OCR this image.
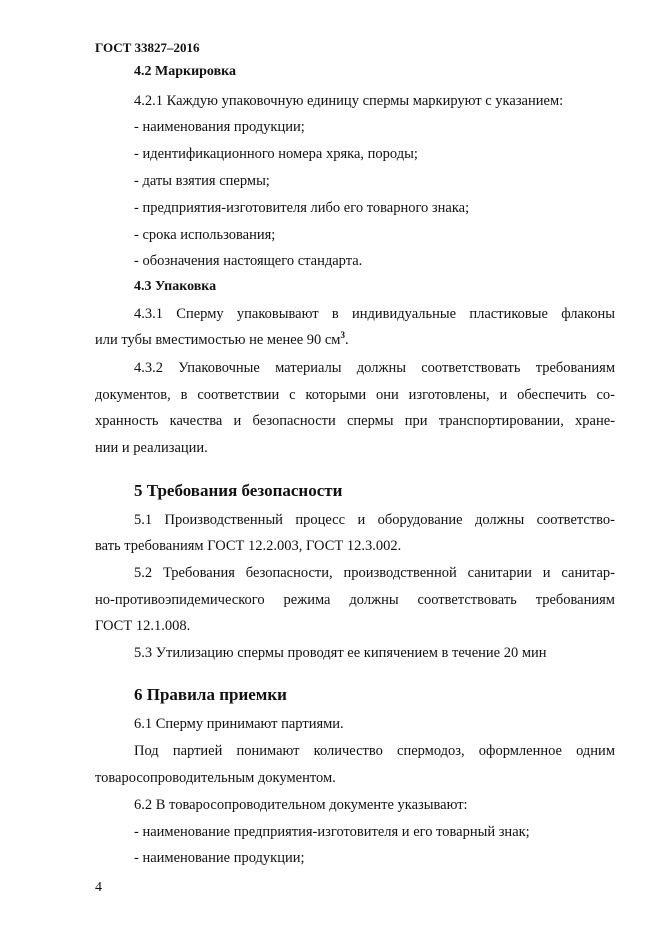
ГОСТ 33827–2016
4.2 Маркировка
4.2.1 Каждую упаковочную единицу спермы маркируют с указанием:
- наименования продукции;
- идентификационного номера хряка, породы;
- даты взятия спермы;
- предприятия-изготовителя либо его товарного знака;
- срока использования;
- обозначения настоящего стандарта.
4.3 Упаковка
4.3.1 Сперму упаковывают в индивидуальные пластиковые флаконы
или тубы вместимостью не менее 90 $см^3$.
4.3.2 Упаковочные материалы должны соответствовать требованиям
документов, в соответствии с которыми они изготовлены, и обеспечить со-
хранность качества и безопасности спермы при транспортировании, хране-
нии и реализации.
5 Требования безопасности
5.1 Производственный процесс и оборудование должны соответство-
вать требованиям ГОСТ 12.2.003, ГОСТ 12.3.002.
5.2 Требования безопасности, производственной санитарии и санитар-
но-противоэпидемического режима должны соответствовать требованиям
ГОСТ 12.1.008.
5.3 Утилизацию спермы проводят ее кипячением в течение 20 мин
6 Правила приемки
6.1 Сперму принимают партиями.
Под партией понимают количество спермодоз, оформленное одним
товаросопроводительным документом.
6.2 В товаросопроводительном документе указывают:
- наименование предприятия-изготовителя и его товарный знак;
- наименование продукции;
4
